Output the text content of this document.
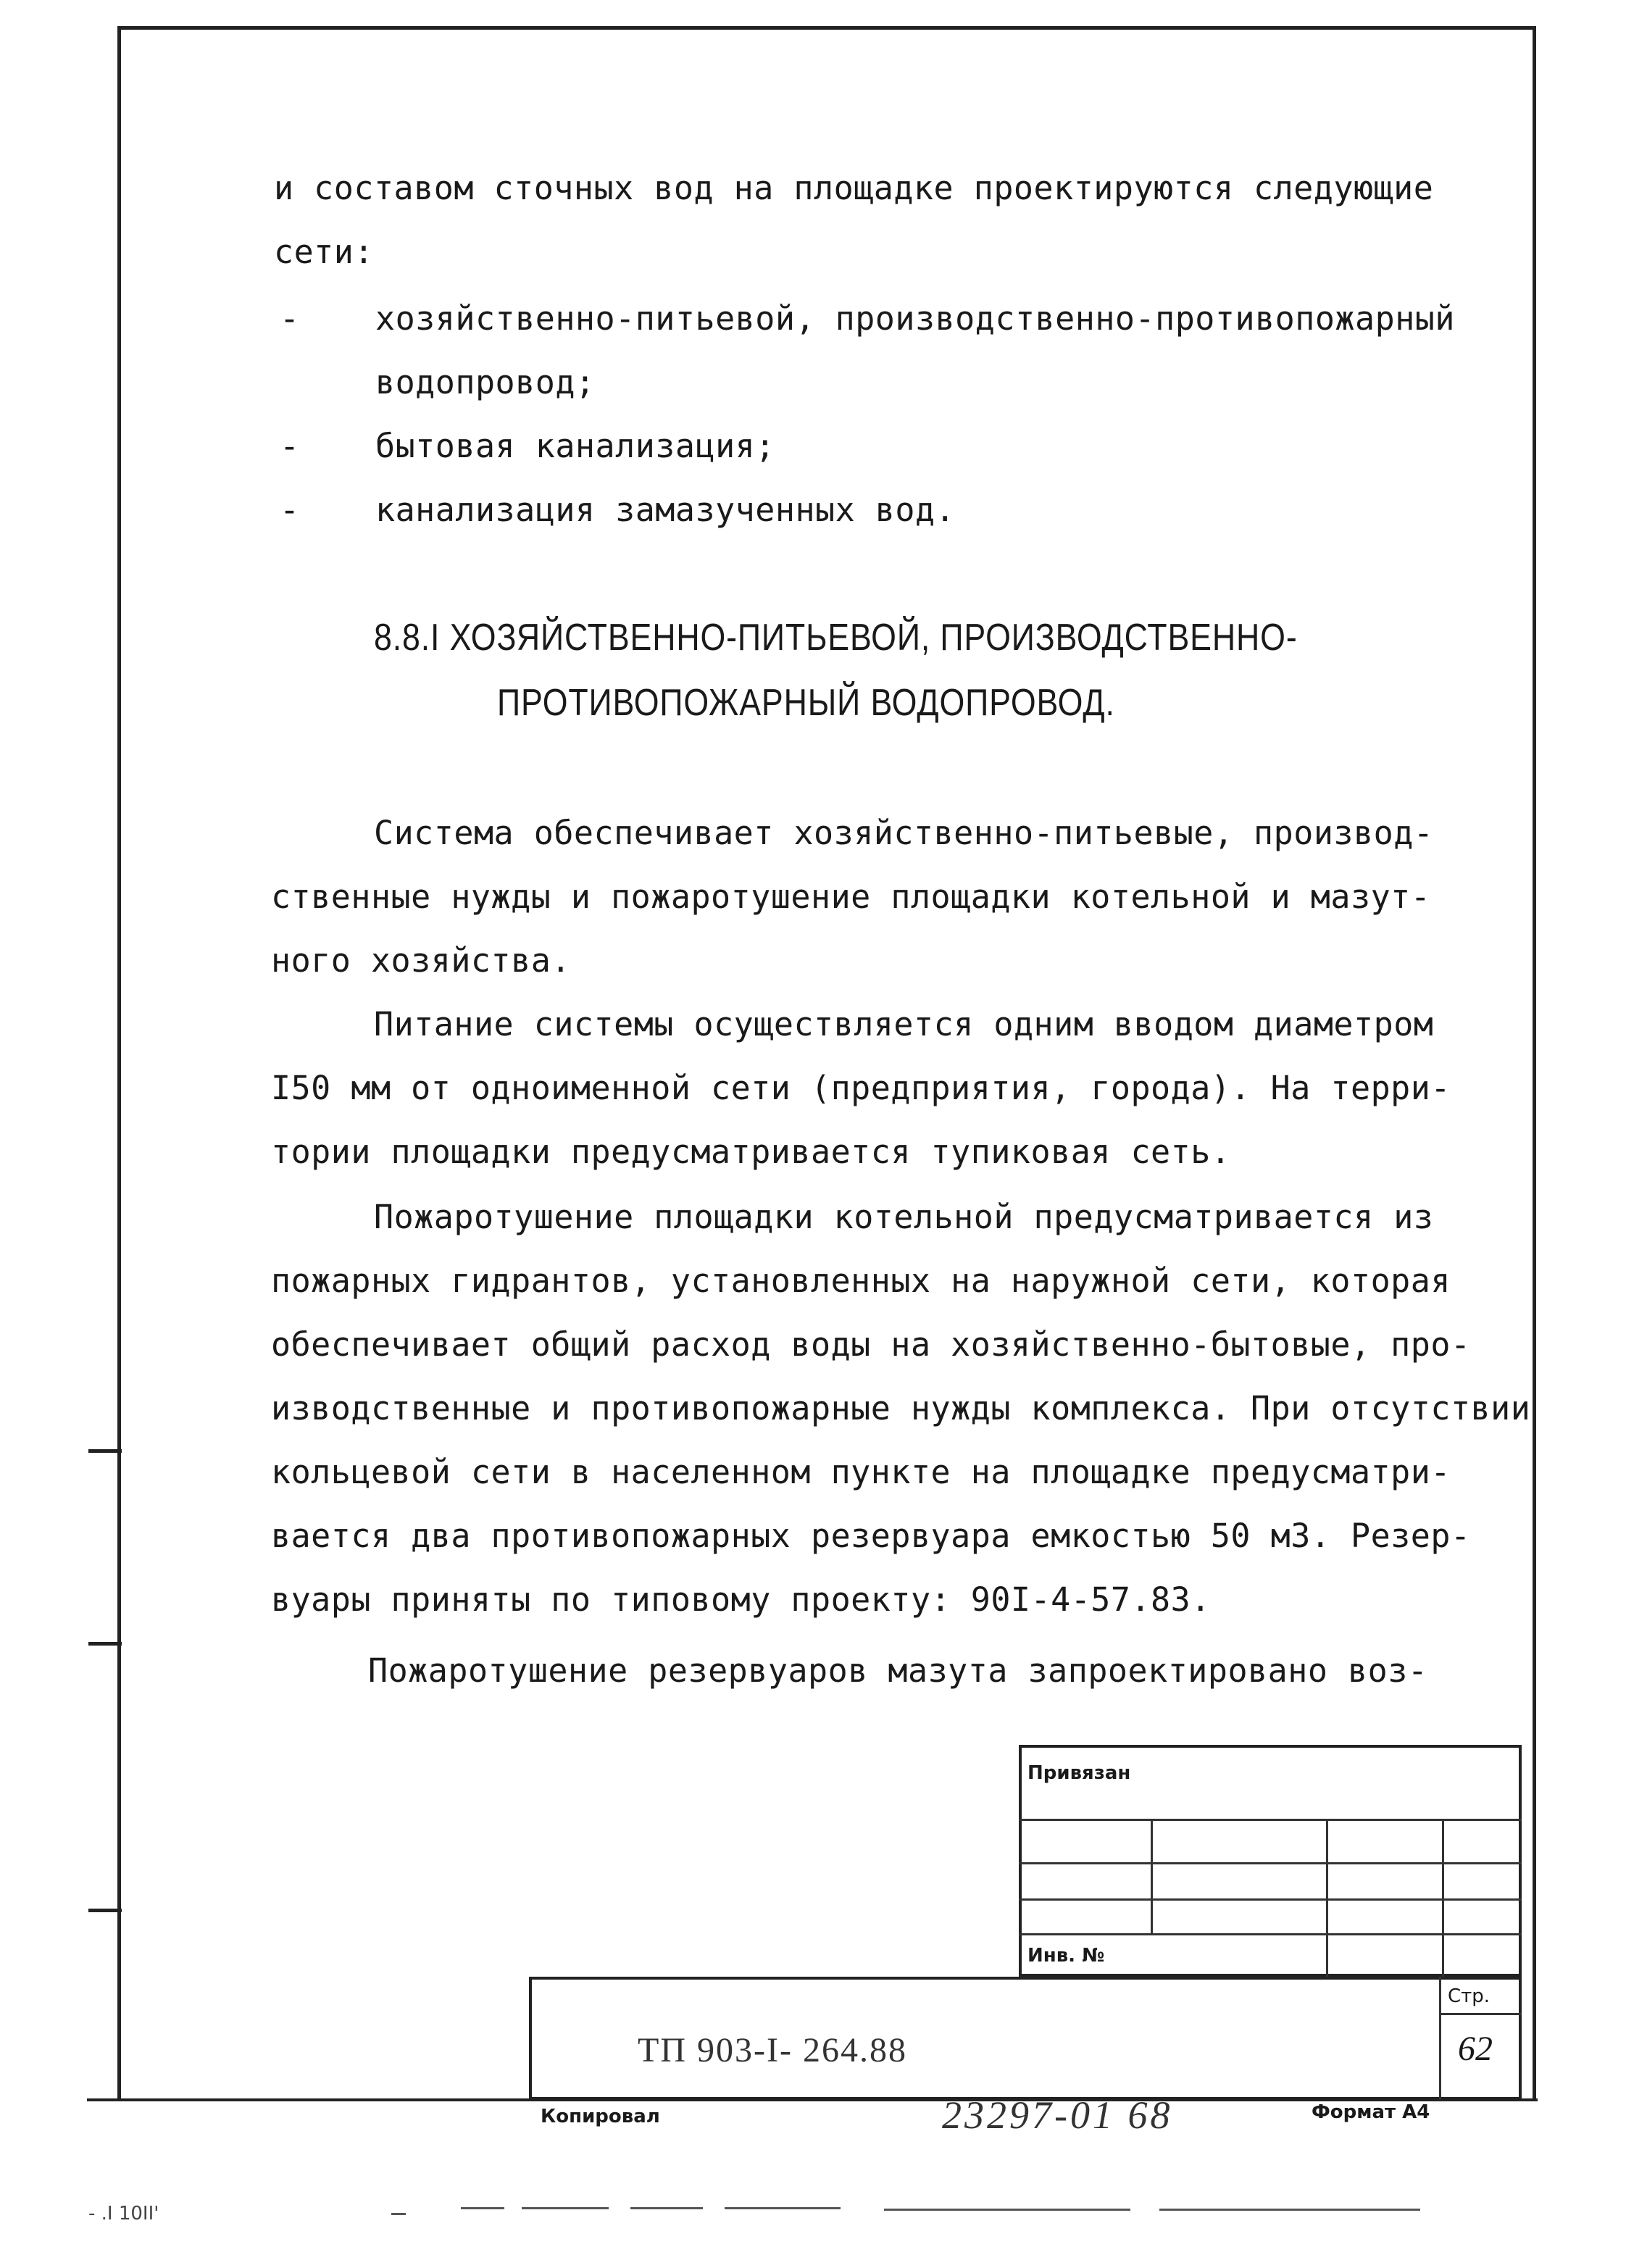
и составом сточных вод на площадке проектируются следующие
сети:
- хозяйственно-питьевой, производственно-противопожарный
водопровод;
- бытовая канализация;
- канализация замазученных вод.
8.8.I ХОЗЯЙСТВЕННО-ПИТЬЕВОЙ, ПРОИЗВОДСТВЕННО-
ПРОТИВОПОЖАРНЫЙ ВОДОПРОВОД.
Система обеспечивает хозяйственно-питьевые, производ-
ственные нужды и пожаротушение площадки котельной и мазут-
ного хозяйства.
Питание системы осуществляется одним вводом диаметром
I50 мм от одноименной сети (предприятия, города). На терри-
тории площадки предусматривается тупиковая сеть.
Пожаротушение площадки котельной предусматривается из
пожарных гидрантов, установленных на наружной сети, которая
обеспечивает общий расход воды на хозяйственно-бытовые, про-
изводственные и противопожарные нужды комплекса. При отсутствии
кольцевой сети в населенном пункте на площадке предусматри-
вается два противопожарных резервуара емкостью 50 м3. Резер-
вуары приняты по типовому проекту: 90I-4-57.83.
Пожаротушение резервуаров мазута запроектировано воз-
Привязан
Инв. №
Стр.
ТП 903-I- 264.88	62
Копировал	23297-01 68	Формат А4
- .I 10II'
